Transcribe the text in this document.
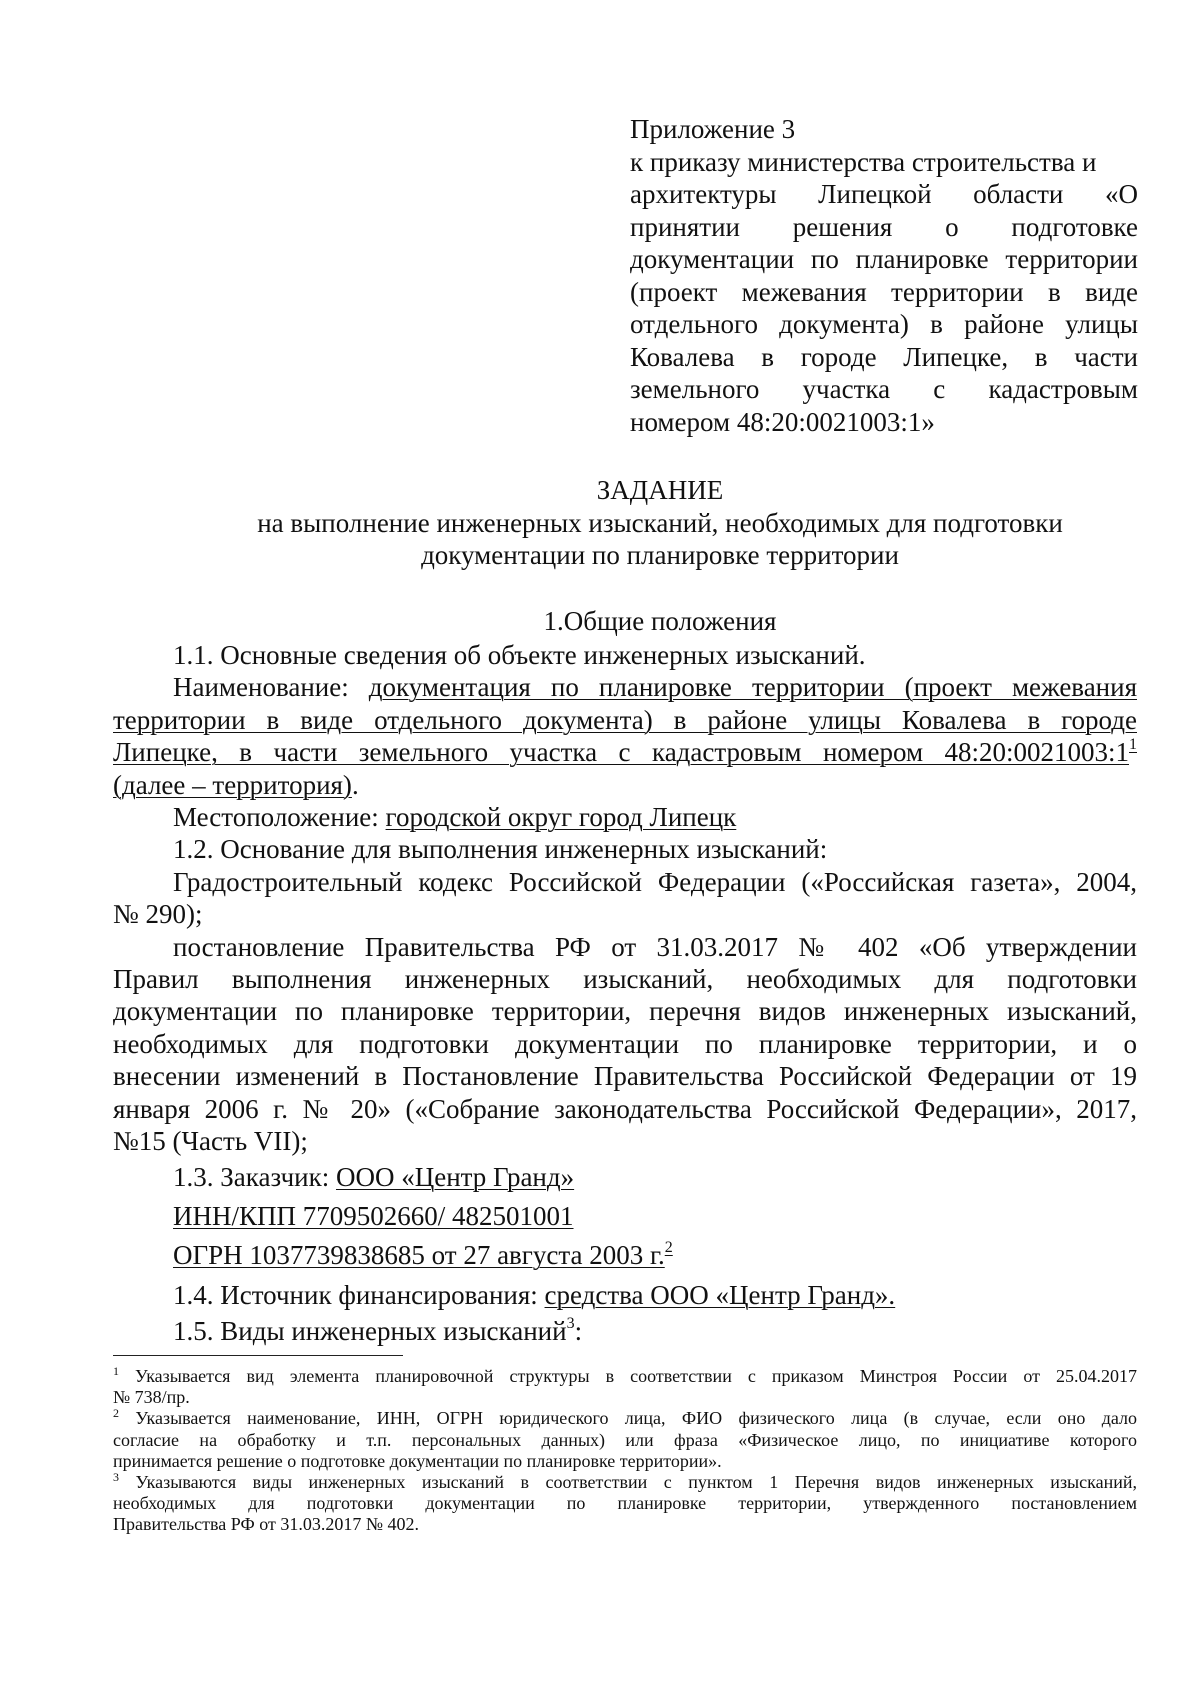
Приложение 3
к приказу министерства строительства и
архитектуры Липецкой области «О
принятии решения о подготовке
документации по планировке территории
(проект межевания территории в виде
отдельного документа) в районе улицы
Ковалева в городе Липецке, в части
земельного участка с кадастровым
номером 48:20:0021003:1»
ЗАДАНИЕ
на выполнение инженерных изысканий, необходимых для подготовки
документации по планировке территории
1.Общие положения
1.1. Основные сведения об объекте инженерных изысканий.
Наименование: документация по планировке территории (проект межевания
территории в виде отдельного документа) в районе улицы Ковалева в городе
Липецке, в части земельного участка с кадастровым номером $48:20:0021003:1^1$
(далее – территория).
Местоположение: городской округ город Липецк
1.2. Основание для выполнения инженерных изысканий:
Градостроительный кодекс Российской Федерации («Российская газета», 2004,
№ 290);
постановление Правительства РФ от 31.03.2017 № 402 «Об утверждении
Правил выполнения инженерных изысканий, необходимых для подготовки
документации по планировке территории, перечня видов инженерных изысканий,
необходимых для подготовки документации по планировке территории, и о
внесении изменений в Постановление Правительства Российской Федерации от 19
января 2006 г. № 20» («Собрание законодательства Российской Федерации», 2017,
№15 (Часть VII);
1.3. Заказчик: ООО «Центр Гранд»
ИНН/КПП 7709502660/ 482501001
ОГРН 1037739838685 от 27 августа 2003 г.$^2$
1.4. Источник финансирования: средства ООО «Центр Гранд».
1.5. Виды инженерных изысканий$^3$:
$^1$ Указывается вид элемента планировочной структуры в соответствии с приказом Минстроя России от 25.04.2017
№ 738/пр.
$^2$ Указывается наименование, ИНН, ОГРН юридического лица, ФИО физического лица (в случае, если оно дало
согласие на обработку и т.п. персональных данных) или фраза «Физическое лицо, по инициативе которого
принимается решение о подготовке документации по планировке территории».
$^3$ Указываются виды инженерных изысканий в соответствии с пунктом 1 Перечня видов инженерных изысканий,
необходимых для подготовки документации по планировке территории, утвержденного постановлением
Правительства РФ от 31.03.2017 № 402.
